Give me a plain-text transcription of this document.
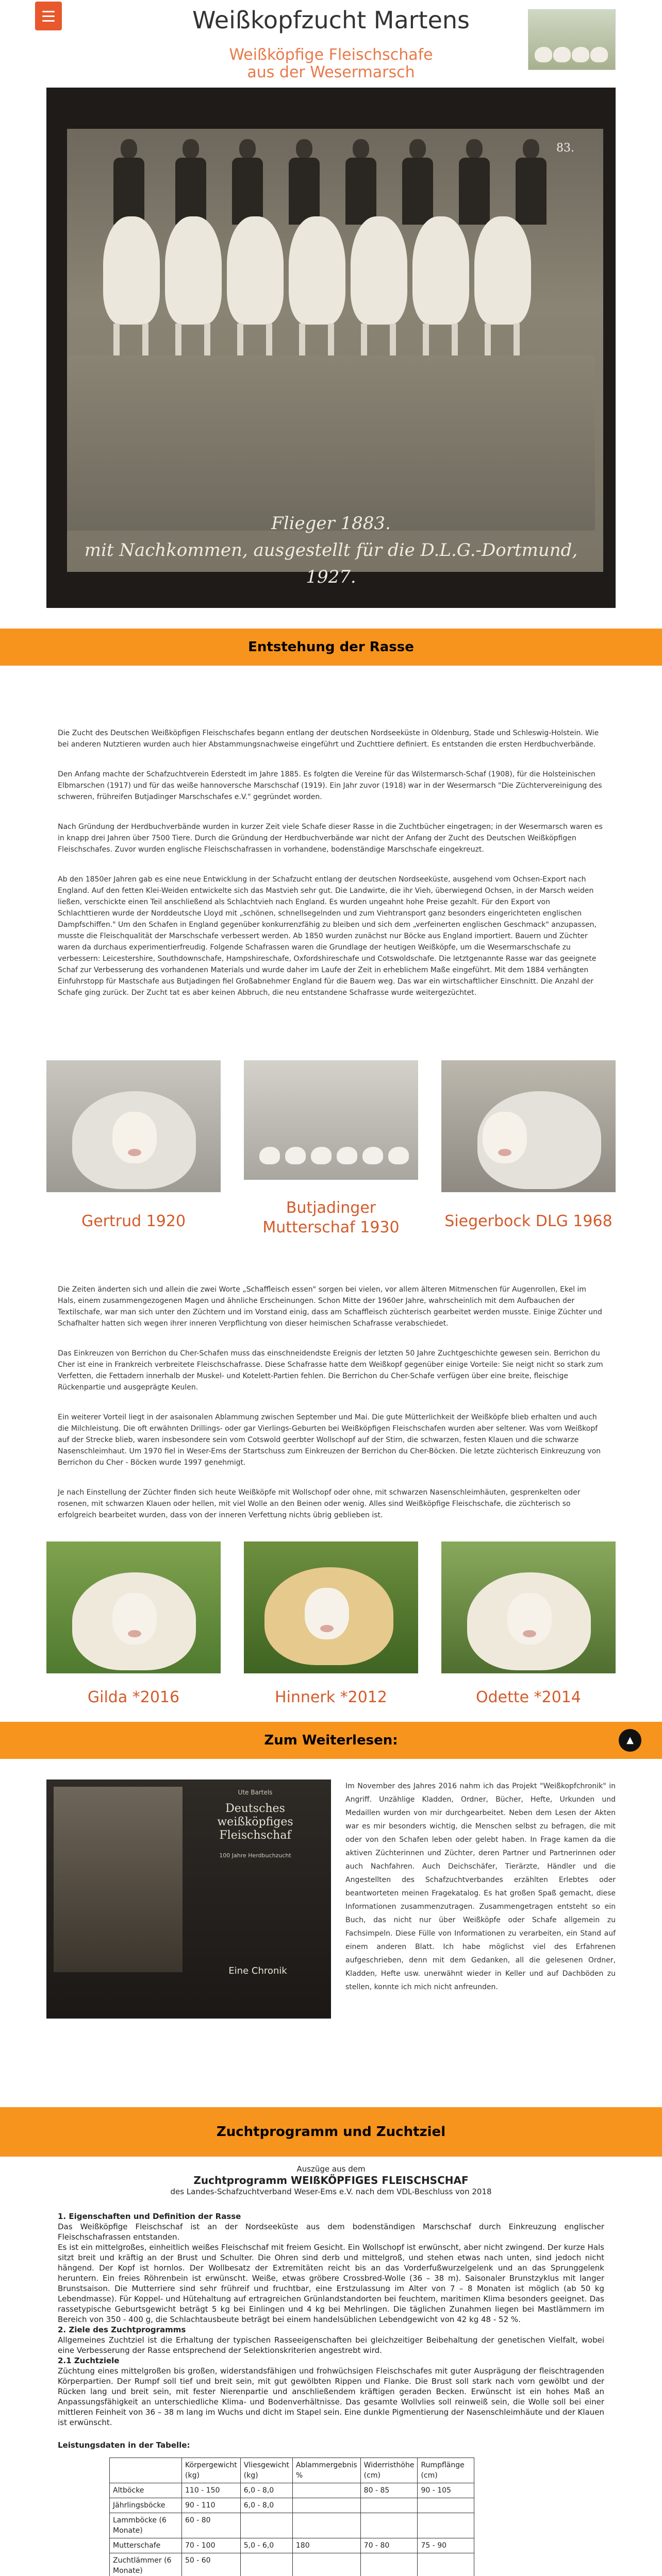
Weißkopfzucht Martens
Weißköpfige Fleischschafe aus der Wesermarsch
83.
Flieger 1883.
mit Nachkommen, ausgestellt für die D.L.G.-Dortmund,
1927.
Entstehung der Rasse

Die Zucht des Deutschen Weißköpfigen Fleischschafes begann entlang der deutschen Nordseeküste in Oldenburg, Stade und Schleswig-Holstein. Wie bei anderen Nutztieren wurden auch hier Abstammungsnachweise eingeführt und Zuchttiere definiert. Es entstanden die ersten Herdbuchverbände.

Den Anfang machte der Schafzuchtverein Ederstedt im Jahre 1885. Es folgten die Vereine für das Wilstermarsch-Schaf (1908), für die Holsteinischen Elbmarschen (1917) und für das weiße hannoversche Marschschaf (1919). Ein Jahr zuvor (1918) war in der Wesermarsch "Die Züchtervereinigung des schweren, frühreifen Butjadinger Marschschafes e.V." gegründet worden.

Nach Gründung der Herdbuchverbände wurden in kurzer Zeit viele Schafe dieser Rasse in die Zuchtbücher eingetragen; in der Wesermarsch waren es in knapp drei Jahren über 7500 Tiere. Durch die Gründung der Herdbuchverbände war nicht der Anfang der Zucht des Deutschen Weißköpfigen Fleischschafes. Zuvor wurden englische Fleischschafrassen in vorhandene, bodenständige Marschschafe eingekreuzt.

Ab den 1850er Jahren gab es eine neue Entwicklung in der Schafzucht entlang der deutschen Nordseeküste, ausgehend vom Ochsen-Export nach England. Auf den fetten Klei-Weiden entwickelte sich das Mastvieh sehr gut. Die Landwirte, die ihr Vieh, überwiegend Ochsen, in der Marsch weiden ließen, verschickte einen Teil anschließend als Schlachtvieh nach England. Es wurden ungeahnt hohe Preise gezahlt. Für den Export von Schlachttieren wurde der Norddeutsche Lloyd mit „schönen, schnellsegelnden und zum Viehtransport ganz besonders eingerichteten englischen Dampfschiffen." Um den Schafen in England gegenüber konkurrenzfähig zu bleiben und sich dem „verfeinerten englischen Geschmack" anzupassen, musste die Fleischqualität der Marschschafe verbessert werden. Ab 1850 wurden zunächst nur Böcke aus England importiert. Bauern und Züchter waren da durchaus experimentierfreudig. Folgende Schafrassen waren die Grundlage der heutigen Weißköpfe, um die Wesermarschschafe zu verbessern: Leicestershire, Southdownschafe, Hampshireschafe, Oxfordshireschafe und Cotswoldschafe. Die letztgenannte Rasse war das geeignete Schaf zur Verbesserung des vorhandenen Materials und wurde daher im Laufe der Zeit in erheblichem Maße eingeführt. Mit dem 1884 verhängten Einfuhrstopp für Mastschafe aus Butjadingen fiel Großabnehmer England für die Bauern weg. Das war ein wirtschaftlicher Einschnitt. Die Anzahl der Schafe ging zurück. Der Zucht tat es aber keinen Abbruch, die neu entstandene Schafrasse wurde weitergezüchtet.

Gertrud 1920
Butjadinger Mutterschaf 1930	Siegerbock DLG 1968

Die Zeiten änderten sich und allein die zwei Worte „Schaffleisch essen" sorgen bei vielen, vor allem älteren Mitmenschen für Augenrollen, Ekel im Hals, einem zusammengezogenen Magen und ähnliche Erscheinungen. Schon Mitte der 1960er Jahre, wahrscheinlich mit dem Aufbauchen der Textilschafe, war man sich unter den Züchtern und im Vorstand einig, dass am Schaffleisch züchterisch gearbeitet werden musste. Einige Züchter und Schafhalter hatten sich wegen ihrer inneren Verpflichtung von dieser heimischen Schafrasse verabschiedet.

Das Einkreuzen von Berrichon du Cher-Schafen muss das einschneidendste Ereignis der letzten 50 Jahre Zuchtgeschichte gewesen sein. Berrichon du Cher ist eine in Frankreich verbreitete Fleischschafrasse. Diese Schafrasse hatte dem Weißkopf gegenüber einige Vorteile: Sie neigt nicht so stark zum Verfetten, die Fettadern innerhalb der Muskel- und Kotelett-Partien fehlen. Die Berrichon du Cher-Schafe verfügen über eine breite, fleischige Rückenpartie und ausgeprägte Keulen.

Ein weiterer Vorteil liegt in der asaisonalen Ablammung zwischen September und Mai. Die gute Mütterlichkeit der Weißköpfe blieb erhalten und auch die Milchleistung. Die oft erwähnten Drillings- oder gar Vierlings-Geburten bei Weißköpfigen Fleischschafen wurden aber seltener. Was vom Weißkopf auf der Strecke blieb, waren insbesondere sein vom Cotswold geerbter Wollschopf auf der Stirn, die schwarzen, festen Klauen und die schwarze Nasenschleimhaut. Um 1970 fiel in Weser-Ems der Startschuss zum Einkreuzen der Berrichon du Cher-Böcken. Die letzte züchterisch Einkreuzung von Berrichon du Cher - Böcken wurde 1997 genehmigt.

Je nach Einstellung der Züchter finden sich heute Weißköpfe mit Wollschopf oder ohne, mit schwarzen Nasenschleimhäuten, gesprenkelten oder rosenen, mit schwarzen Klauen oder hellen, mit viel Wolle an den Beinen oder wenig. Alles sind Weißköpfige Fleischschafe, die züchterisch so erfolgreich bearbeitet wurden, dass von der inneren Verfettung nichts übrig geblieben ist.

Gilda *2016	Hinnerk *2012	Odette *2014
Zum Weiterlesen:	▲
Ute Bartels
Deutsches weißköpfiges Fleischschaf
100 Jahre Herdbuchzucht
Eine Chronik
Im November des Jahres 2016 nahm ich das Projekt "Weißkopfchronik" in Angriff. Unzählige Kladden, Ordner, Bücher, Hefte, Urkunden und Medaillen wurden von mir durchgearbeitet. Neben dem Lesen der Akten war es mir besonders wichtig, die Menschen selbst zu befragen, die mit oder von den Schafen leben oder gelebt haben. In Frage kamen da die aktiven Züchterinnen und Züchter, deren Partner und Partnerinnen oder auch Nachfahren. Auch Deichschäfer, Tierärzte, Händler und die Angestellten des Schafzuchtverbandes erzählten Erlebtes oder beantworteten meinen Fragekatalog. Es hat großen Spaß gemacht, diese Informationen zusammenzutragen. Zusammengetragen entsteht so ein Buch, das nicht nur über Weißköpfe oder Schafe allgemein zu Fachsimpeln. Diese Fülle von Informationen zu verarbeiten, ein Stand auf einem anderen Blatt. Ich habe möglichst viel des Erfahrenen aufgeschrieben, denn mit dem Gedanken, all die gelesenen Ordner, Kladden, Hefte usw. unerwähnt wieder in Keller und auf Dachböden zu stellen, konnte ich mich nicht anfreunden.
Zuchtprogramm und Zuchtziel
Auszüge aus dem
Zuchtprogramm WEIßKÖPFIGES FLEISCHSCHAF
des Landes-Schafzuchtverband Weser-Ems e.V. nach dem VDL-Beschluss von 2018
1. Eigenschaften und Definition der Rasse

Das Weißköpfige Fleischschaf ist an der Nordseeküste aus dem bodenständigen Marschschaf durch Einkreuzung englischer Fleischschafrassen entstanden.

Es ist ein mittelgroßes, einheitlich weißes Fleischschaf mit freiem Gesicht. Ein Wollschopf ist erwünscht, aber nicht zwingend. Der kurze Hals sitzt breit und kräftig an der Brust und Schulter. Die Ohren sind derb und mittelgroß, und stehen etwas nach unten, sind jedoch nicht hängend. Der Kopf ist hornlos. Der Wollbesatz der Extremitäten reicht bis an das Vorderfußwurzelgelenk und an das Sprunggelenk heruntern. Ein freies Röhrenbein ist erwünscht. Weiße, etwas gröbere Crossbred-Wolle (36 – 38 m). Saisonaler Brunstzyklus mit langer Brunstsaison. Die Mutterriere sind sehr frühreif und fruchtbar, eine Erstzulassung im Alter von 7 – 8 Monaten ist möglich (ab 50 kg Lebendmasse). Für Koppel- und Hütehaltung auf ertragreichen Grünlandstandorten bei feuchtem, maritimen Klima besonders geeignet. Das rassetypische Geburtsgewicht beträgt 5 kg bei Einlingen und 4 kg bei Mehrlingen. Die täglichen Zunahmen liegen bei Mastlämmern im Bereich von 350 - 400 g, die Schlachtausbeute beträgt bei einem handelsüblichen Lebendgewicht von 42 kg 48 - 52 %.

2. Ziele des Zuchtprogramms

Allgemeines Zuchtziel ist die Erhaltung der typischen Rasseeigenschaften bei gleichzeitiger Beibehaltung der genetischen Vielfalt, wobei eine Verbesserung der Rasse entsprechend der Selektionskriterien angestrebt wird.

2.1 Zuchtziele

Züchtung eines mittelgroßen bis großen, widerstandsfähigen und frohwüchsigen Fleischschafes mit guter Ausprägung der fleischtragenden Körperpartien. Der Rumpf soll tief und breit sein, mit gut gewölbten Rippen und Flanke. Die Brust soll stark nach vorn gewölbt und der Rücken lang und breit sein, mit fester Nierenpartie und anschließendem kräftigen geraden Becken. Erwünscht ist ein hohes Maß an Anpassungsfähigkeit an unterschiedliche Klima- und Bodenverhältnisse. Das gesamte Wollvlies soll reinweiß sein, die Wolle soll bei einer mittleren Feinheit von 36 – 38 m lang im Wuchs und dicht im Stapel sein. Eine dunkle Pigmentierung der Nasenschleimhäute und der Klauen ist erwünscht.

Leistungsdaten in der Tabelle:
	Körpergewicht (kg)	Vliesgewicht (kg)	Ablammergebnis %	Widerristhöhe (cm)	Rumpflänge (cm)
Altböcke	110 - 150	6,0 - 8,0		80 - 85	90 - 105
Jährlingsböcke	90 - 110	6,0 - 8,0			
Lammböcke (6 Monate)	60 - 80				
Mutterschafe	70 - 100	5,0 - 6,0	180	70 - 80	75 - 90
Zuchtlämmer (6 Monate)	50 - 60				
